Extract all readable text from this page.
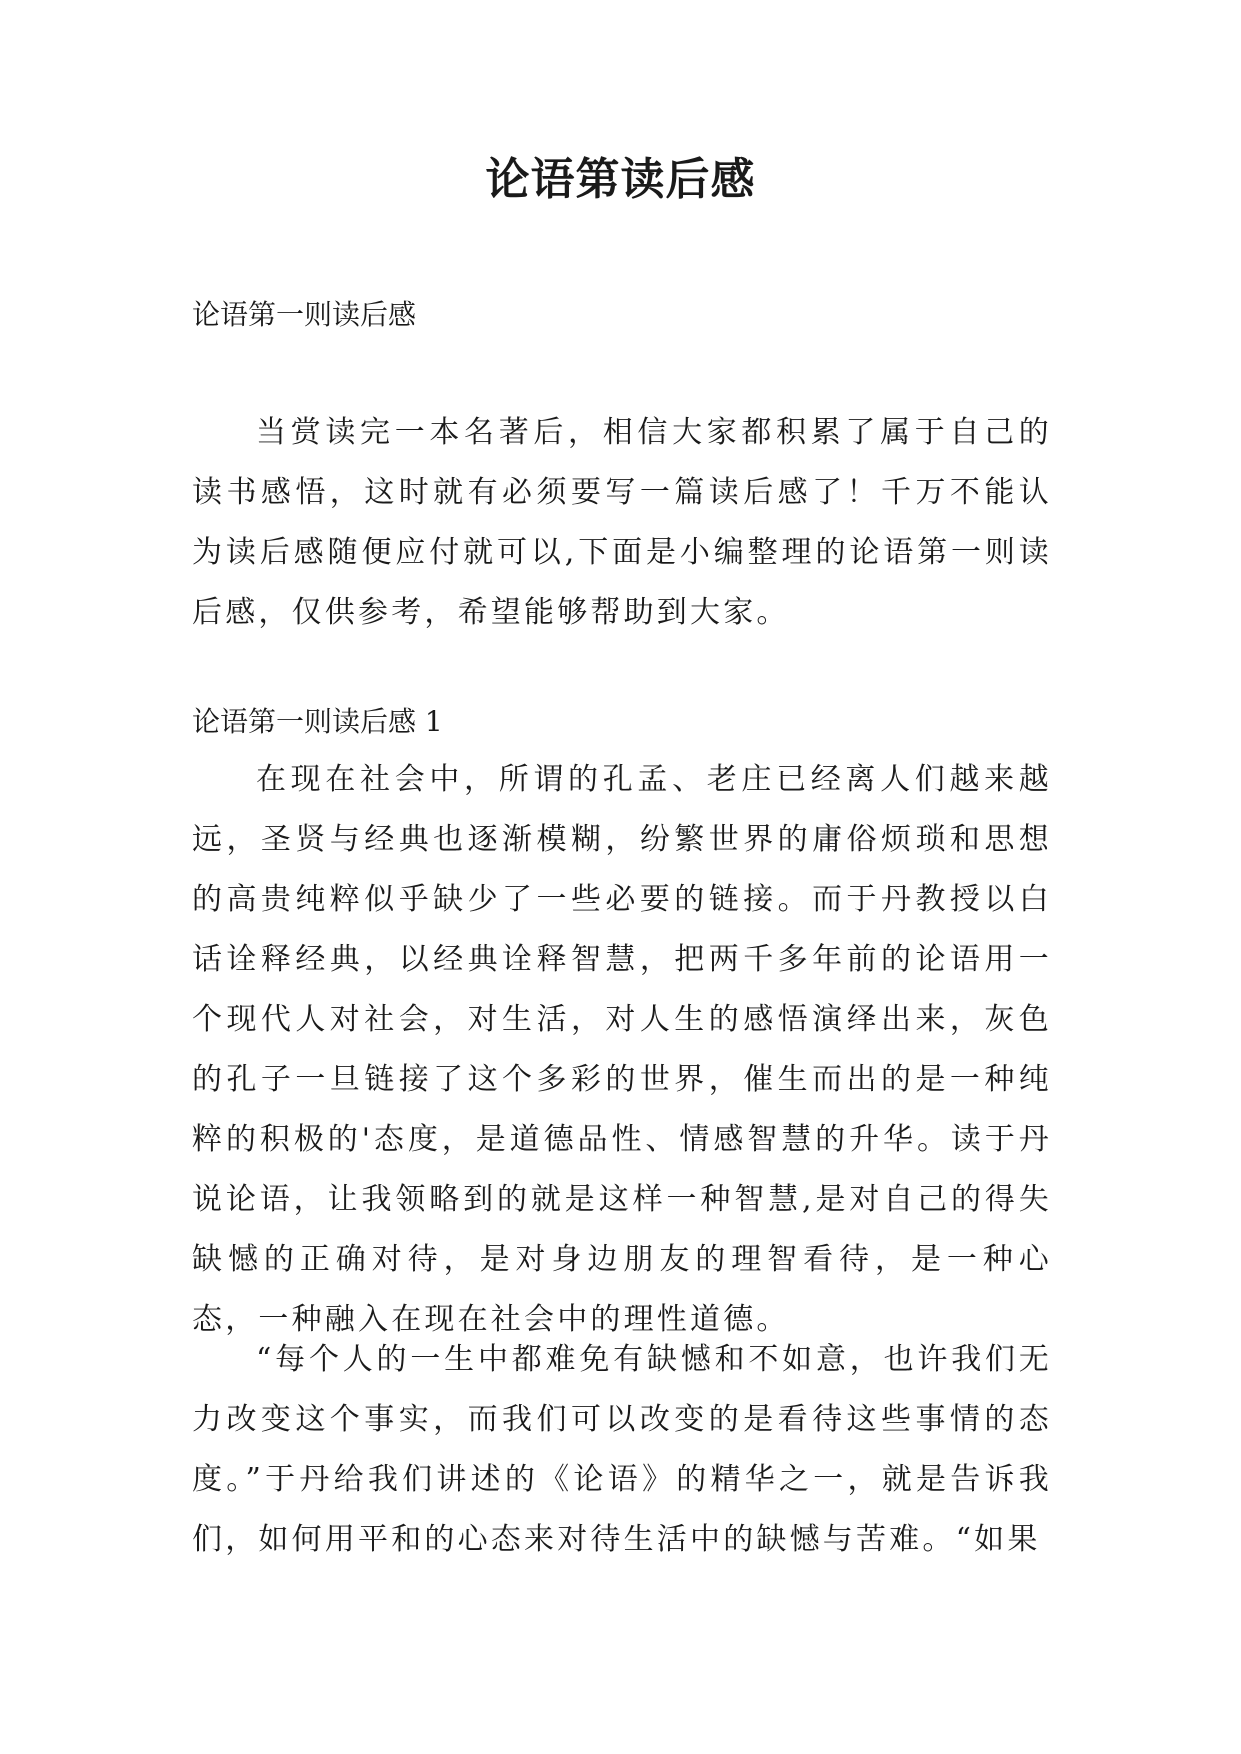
论语第读后感
论语第一则读后感

当赏读完一本名著后，相信大家都积累了属于自己的读书感悟，这时就有必须要写一篇读后感了！千万不能认为读后感随便应付就可以,下面是小编整理的论语第一则读后感，仅供参考，希望能够帮助到大家。

论语第一则读后感 1

在现在社会中，所谓的孔孟、老庄已经离人们越来越远，圣贤与经典也逐渐模糊，纷繁世界的庸俗烦琐和思想的高贵纯粹似乎缺少了一些必要的链接。而于丹教授以白话诠释经典，以经典诠释智慧，把两千多年前的论语用一个现代人对社会，对生活，对人生的感悟演绎出来，灰色的孔子一旦链接了这个多彩的世界，催生而出的是一种纯粹的积极的'态度，是道德品性、情感智慧的升华。读于丹说论语，让我领略到的就是这样一种智慧,是对自己的得失缺憾的正确对待，是对身边朋友的理智看待，是一种心态，一种融入在现在社会中的理性道德。

“每个人的一生中都难免有缺憾和不如意，也许我们无力改变这个事实，而我们可以改变的是看待这些事情的态度。”于丹给我们讲述的《论语》的精华之一，就是告诉我们，如何用平和的心态来对待生活中的缺憾与苦难。“如果
